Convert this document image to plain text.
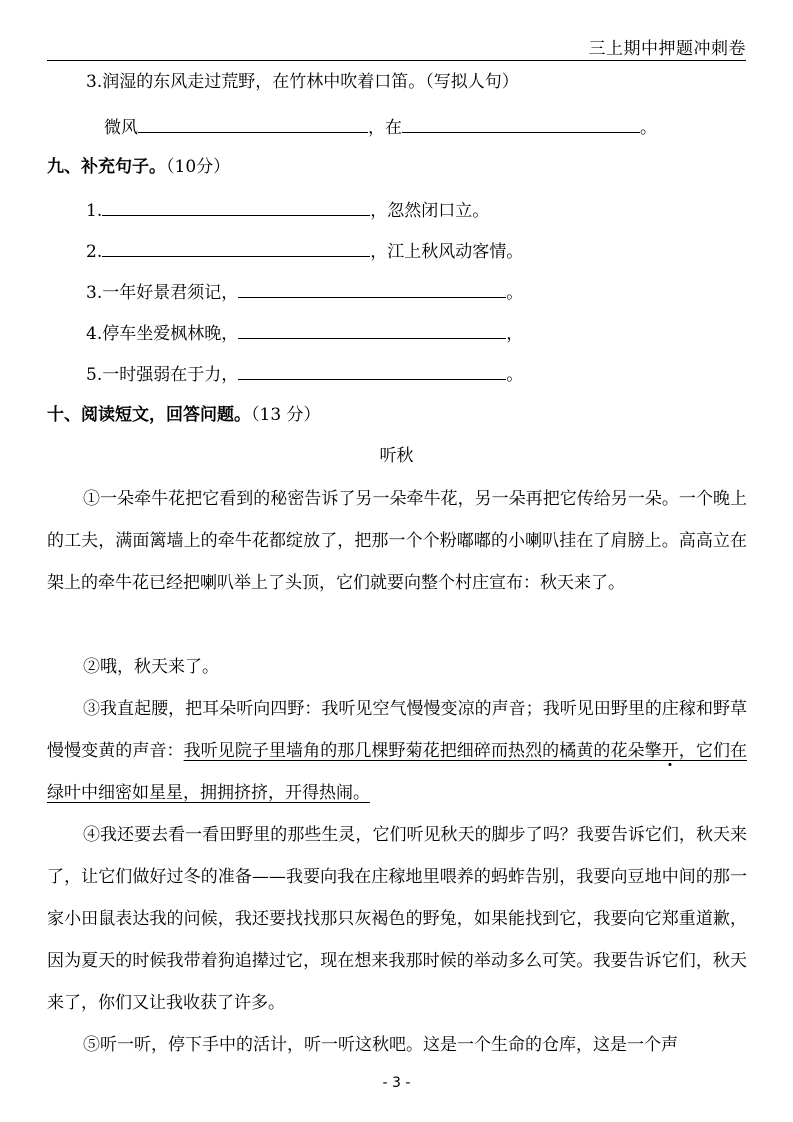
三上期中押题冲刺卷
3.润湿的东风走过荒野，在竹林中吹着口笛。（写拟人句）
微风	，在	。
九、补充句子。（10分）
1.	，忽然闭口立。
2.	，江上秋风动客情。
3.一年好景君须记，	。
4.停车坐爱枫林晚，	，
5.一时强弱在于力，	。
十、阅读短文，回答问题。（13 分）
听秋
①一朵牵牛花把它看到的秘密告诉了另一朵牵牛花，另一朵再把它传给另一朵。一个晚上的工夫，满面篱墙上的牵牛花都绽放了，把那一个个粉嘟嘟的小喇叭挂在了肩膀上。高高立在架上的牵牛花已经把喇叭举上了头顶，它们就要向整个村庄宣布：秋天来了。
②哦，秋天来了。
③我直起腰，把耳朵听向四野：我听见空气慢慢变凉的声音；我听见田野里的庄稼和野草慢慢变黄的声音：我听见院子里墙角的那几棵野菊花把细碎而热烈的橘黄的花朵擎开，它们在绿叶中细密如星星，拥拥挤挤，开得热闹。
④我还要去看一看田野里的那些生灵，它们听见秋天的脚步了吗？我要告诉它们，秋天来了，让它们做好过冬的准备——我要向我在庄稼地里喂养的蚂蚱告别，我要向豆地中间的那一家小田鼠表达我的问候，我还要找找那只灰褐色的野兔，如果能找到它，我要向它郑重道歉，因为夏天的时候我带着狗追撵过它，现在想来我那时候的举动多么可笑。我要告诉它们，秋天来了，你们又让我收获了许多。
⑤听一听，停下手中的活计，听一听这秋吧。这是一个生命的仓库，这是一个声
- 3 -
